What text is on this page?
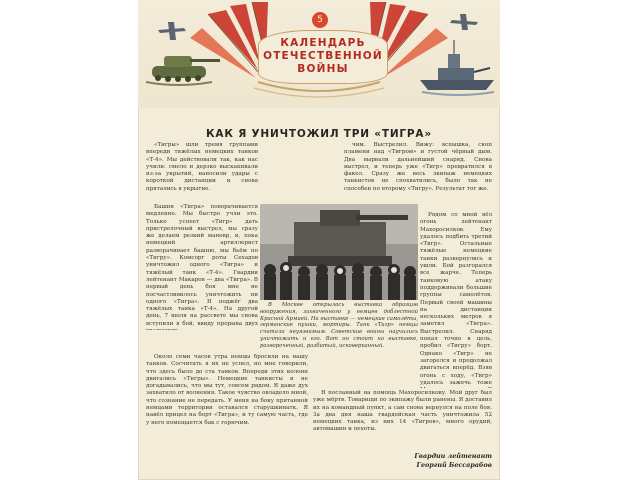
5
КАЛЕНДАРЬ
ОТЕЧЕСТВЕННОЙ
ВОЙНЫ
КАК Я УНИЧТОЖИЛ ТРИ «ТИГРА»

«Тигры» шли тремя группами впереди тяжёлых немецких танков «Т-4». Мы действовали так, как нас учили: смело и дерзко выскакивали из-за укрытий, наносили удары с короткой дистанции и снова прятались в укрытие.

Башня «Тигра» поворачивается медленно. Мы быстро учли это. Только успеет «Тигр» дать пристрелочный выстрел, мы сразу же делаем резкий маневр, и, пока немецкий артиллерист разворачивает башню, мы бьём по «Тигру». Комсорг роты Сехадов уничтожил одного «Тигра» и тяжёлый танк «Т-4». Гвардии лейтенант Макаров — два «Тигра». В первый день боя мне не посчастливилось уничтожить ни одного «Тигра». Я поджёг два тяжёлых танка «Т-4». На другой день, 7 июля на рассвете мы снова вступили в бой, ввиду прорыва двух

В Москве открылась выставка образцов вооружения, захваченного у немцев доблестной Красной Армией. На выставке — немецкие самолёты, германские пушки, мортиры. Танк «Тигр» немцы считали неуязвимым. Советские воины научились уничтожать и его. Вот он стоит на выставке, развороченный, разбитый, исковерканный.

Около семи часов утра немцы бросили на нашу танков. Сосчитать я их не успел, но мне говорили, что здесь было до ста танков. Впереди этих колонн двигались «Тигры». Немецкие танкисты и не догадывались, что мы тут, совсем рядом. Я даже дух захватило от волнения. Такое чувство овладело мной, что сознание не передать. У меня на боку прятанной немцами территории оставался старушкинатк. Я навёл прицел на борт «Тигра», и ту самую часть, где у него помещается бак с горючим.

чим. Выстрелил. Вижу: вспышка, скоп пламени над «Тигром» и густой чёрный дым. Два вырвали дальнейший снаряд. Снова выстрел, и теперь уже «Тигр» превратился в факел. Сразу же весь экипаж немецких танкистов не спохватились, было так не способен по второму «Тигру». Результат тот же.

Рядом со мной вёл огонь лейтенант Махоросилков. Ему удалось подбить третий «Тигр». Остальные тяжёлые немецкие танки развернулись и ушли. Бой разгорался все жарче. Теперь танковую атаку поддерживали большие группы самолётов. Первый своей машины на дистанции нескольких метров я заметил «Тигра». Выстрелил. Снаряд попал точно в цель, пробил «Тигру» борт. Однако «Тигр» не загорелся и продолжал двигаться вперёд. Взяв огонь с ходу, «Тигр» удалось зажечь тоже

Я посланный на помощь Махоросилкову. Мой друг был уже мёртв. Товарищи по экипажу были ранены. Я доставил их на командный пункт, а сам снова вернулся на поле боя. За два дня наша гвардейская часть уничтожила 52 немецких танка, из них 14 «Тигров», много орудий, автомашин и пехоты.

Гвардии лейтенант
Георгий Бессарабов
